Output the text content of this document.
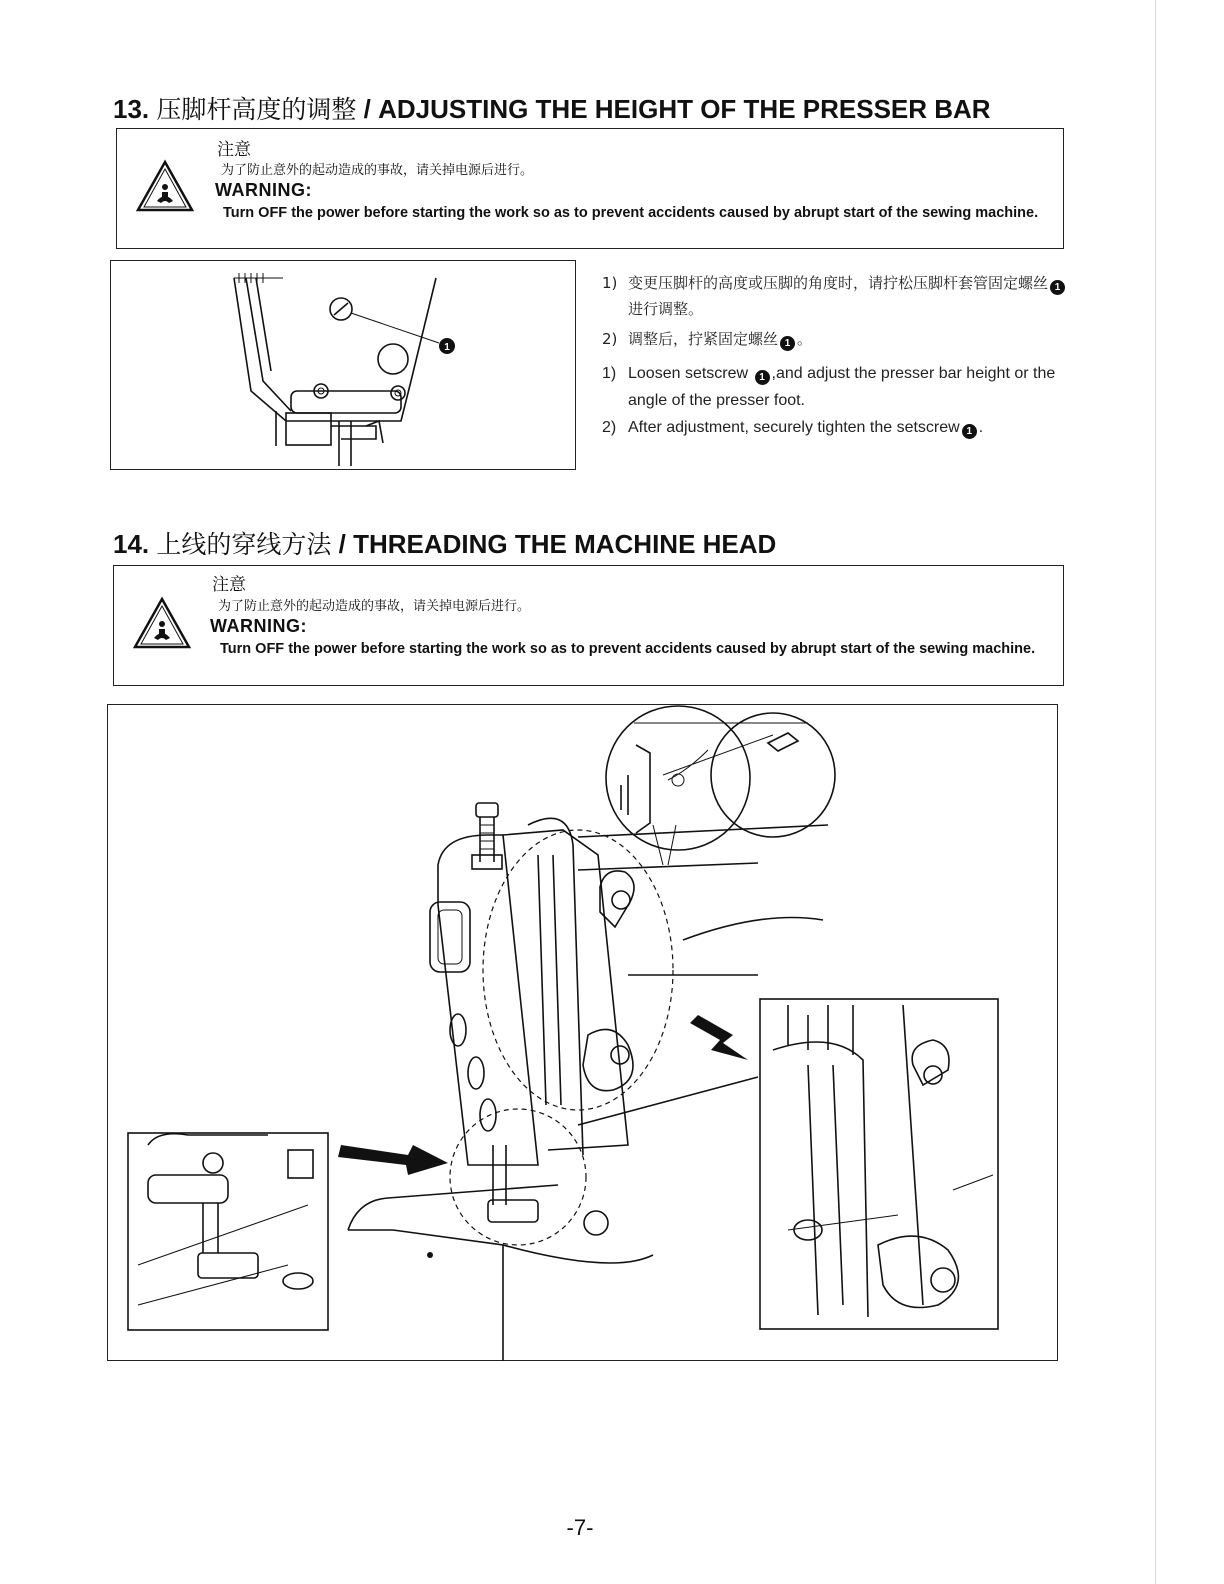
13. 压脚杆高度的调整 / ADJUSTING THE HEIGHT OF THE PRESSER BAR
注意
为了防止意外的起动造成的事故，请关掉电源后进行。
WARNING:
Turn OFF the power before starting the work so as to prevent accidents caused by abrupt start of the sewing machine.
1
1) 变更压脚杆的高度或压脚的角度时，请拧松压脚杆套管固定螺丝 1进行调整。
2) 调整后，拧紧固定螺丝 1 。
1) Loosen setscrew 1 ,and adjust the presser bar height or the angle of the presser foot.
2) After adjustment, securely tighten the setscrew 1 .
14. 上线的穿线方法 / THREADING THE MACHINE HEAD
注意
为了防止意外的起动造成的事故，请关掉电源后进行。
WARNING:
Turn OFF the power before starting the work so as to prevent accidents caused by abrupt start of the sewing machine.
-7-
